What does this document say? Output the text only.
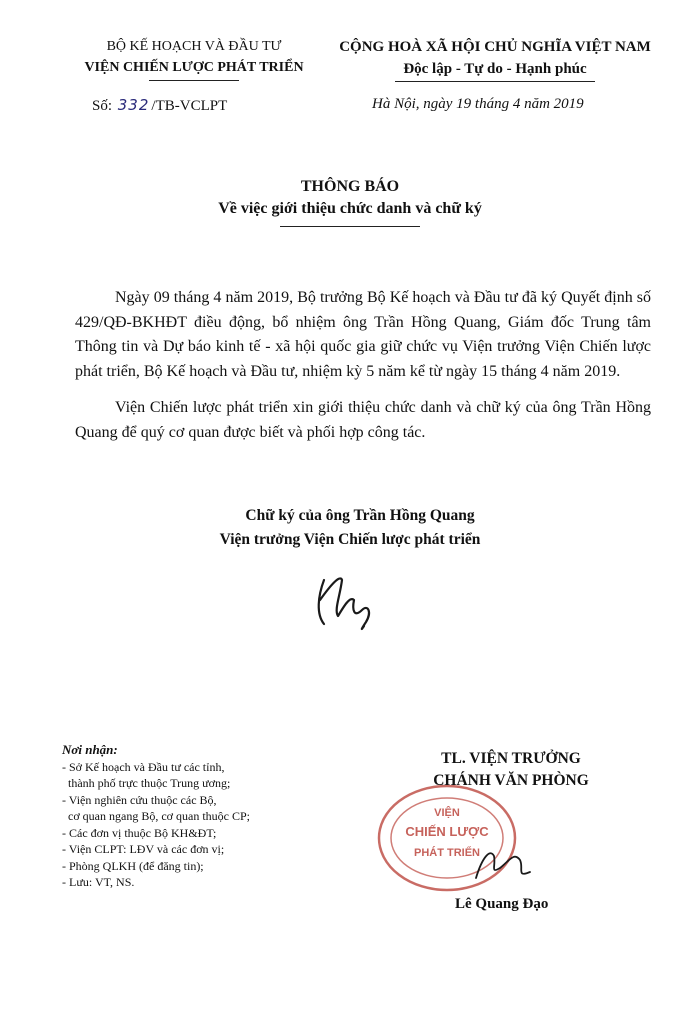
BỘ KẾ HOẠCH VÀ ĐẦU TƯ
VIỆN CHIẾN LƯỢC PHÁT TRIỂN
Số: 332 /TB-VCLPT
CỘNG HOÀ XÃ HỘI CHỦ NGHĨA VIỆT NAM
Độc lập - Tự do - Hạnh phúc
Hà Nội, ngày 19 tháng 4 năm 2019
THÔNG BÁO
Về việc giới thiệu chức danh và chữ ký

Ngày 09 tháng 4 năm 2019, Bộ trưởng Bộ Kế hoạch và Đầu tư đã ký Quyết định số 429/QĐ-BKHĐT điều động, bổ nhiệm ông Trần Hồng Quang, Giám đốc Trung tâm Thông tin và Dự báo kinh tế - xã hội quốc gia giữ chức vụ Viện trưởng Viện Chiến lược phát triển, Bộ Kế hoạch và Đầu tư, nhiệm kỳ 5 năm kể từ ngày 15 tháng 4 năm 2019.

Viện Chiến lược phát triển xin giới thiệu chức danh và chữ ký của ông Trần Hồng Quang để quý cơ quan được biết và phối hợp công tác.

Chữ ký của ông Trần Hồng Quang
Viện trưởng Viện Chiến lược phát triển
Nơi nhận:
- Sở Kế hoạch và Đầu tư các tỉnh,
thành phố trực thuộc Trung ương;
- Viện nghiên cứu thuộc các Bộ,
cơ quan ngang Bộ, cơ quan thuộc CP;
- Các đơn vị thuộc Bộ KH&ĐT;
- Viện CLPT: LĐV và các đơn vị;
- Phòng QLKH (để đăng tin);
- Lưu: VT, NS.
VIỆN
CHIẾN LƯỢC
PHÁT TRIỂN
TL. VIỆN TRƯỞNG
CHÁNH VĂN PHÒNG
Lê Quang Đạo
